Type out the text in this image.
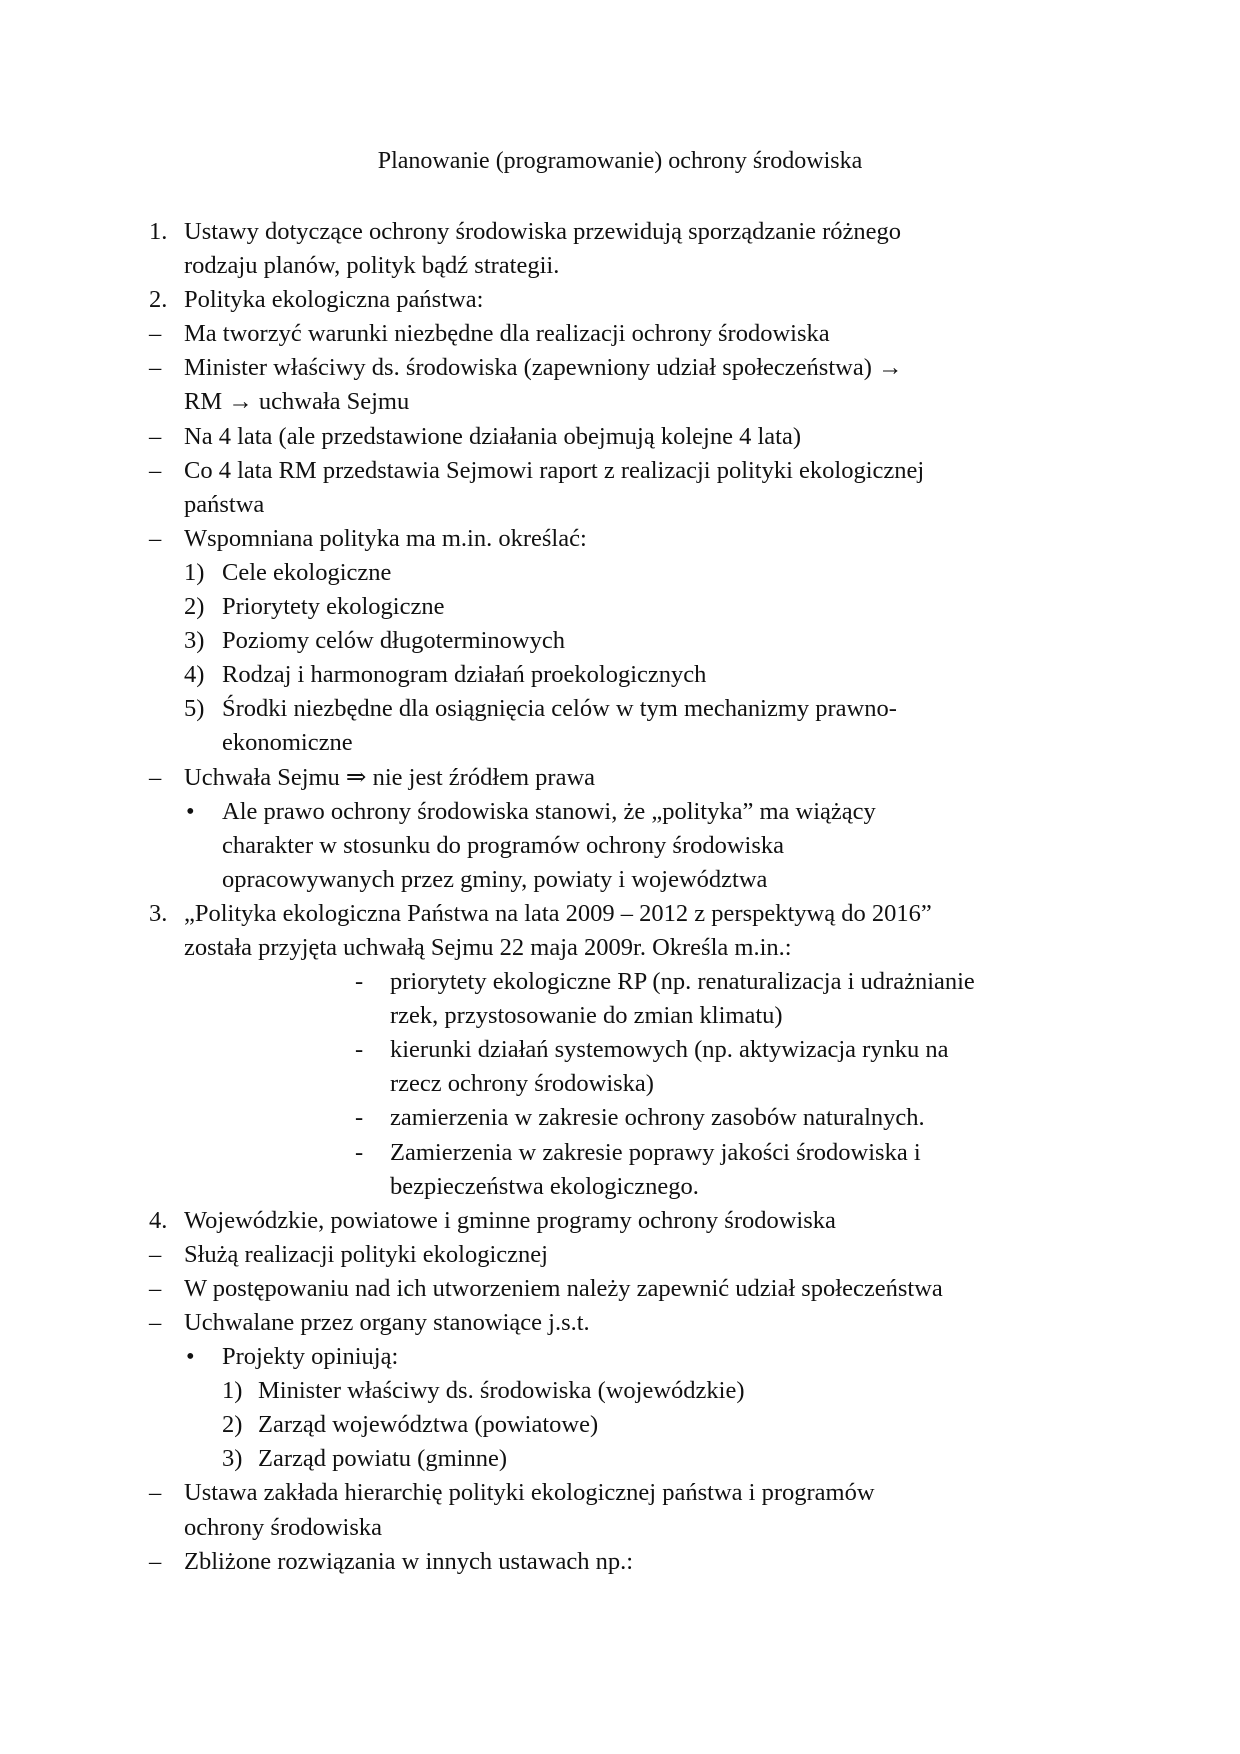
Planowanie (programowanie) ochrony środowiska
1. Ustawy dotyczące ochrony środowiska przewidują sporządzanie różnego
rodzaju planów, polityk bądź strategii.
2. Polityka ekologiczna państwa:
– Ma tworzyć warunki niezbędne dla realizacji ochrony środowiska
– Minister właściwy ds. środowiska (zapewniony udział społeczeństwa) →
RM → uchwała Sejmu
– Na 4 lata (ale przedstawione działania obejmują kolejne 4 lata)
– Co 4 lata RM przedstawia Sejmowi raport z realizacji polityki ekologicznej
państwa
– Wspomniana polityka ma m.in. określać:
1) Cele ekologiczne
2) Priorytety ekologiczne
3) Poziomy celów długoterminowych
4) Rodzaj i harmonogram działań proekologicznych
5) Środki niezbędne dla osiągnięcia celów w tym mechanizmy prawno-
ekonomiczne
– Uchwała Sejmu ⇒ nie jest źródłem prawa
• Ale prawo ochrony środowiska stanowi, że „polityka” ma wiążący
charakter w stosunku do programów ochrony środowiska
opracowywanych przez gminy, powiaty i województwa
3. „Polityka ekologiczna Państwa na lata 2009 – 2012 z perspektywą do 2016”
została przyjęta uchwałą Sejmu 22 maja 2009r. Określa m.in.:
- priorytety ekologiczne RP (np. renaturalizacja i udrażnianie
rzek, przystosowanie do zmian klimatu)
- kierunki działań systemowych (np. aktywizacja rynku na
rzecz ochrony środowiska)
- zamierzenia w zakresie ochrony zasobów naturalnych.
- Zamierzenia w zakresie poprawy jakości środowiska i
bezpieczeństwa ekologicznego.
4. Wojewódzkie, powiatowe i gminne programy ochrony środowiska
– Służą realizacji polityki ekologicznej
– W postępowaniu nad ich utworzeniem należy zapewnić udział społeczeństwa
– Uchwalane przez organy stanowiące j.s.t.
• Projekty opiniują:
1) Minister właściwy ds. środowiska (wojewódzkie)
2) Zarząd województwa (powiatowe)
3) Zarząd powiatu (gminne)
– Ustawa zakłada hierarchię polityki ekologicznej państwa i programów
ochrony środowiska
– Zbliżone rozwiązania w innych ustawach np.:
